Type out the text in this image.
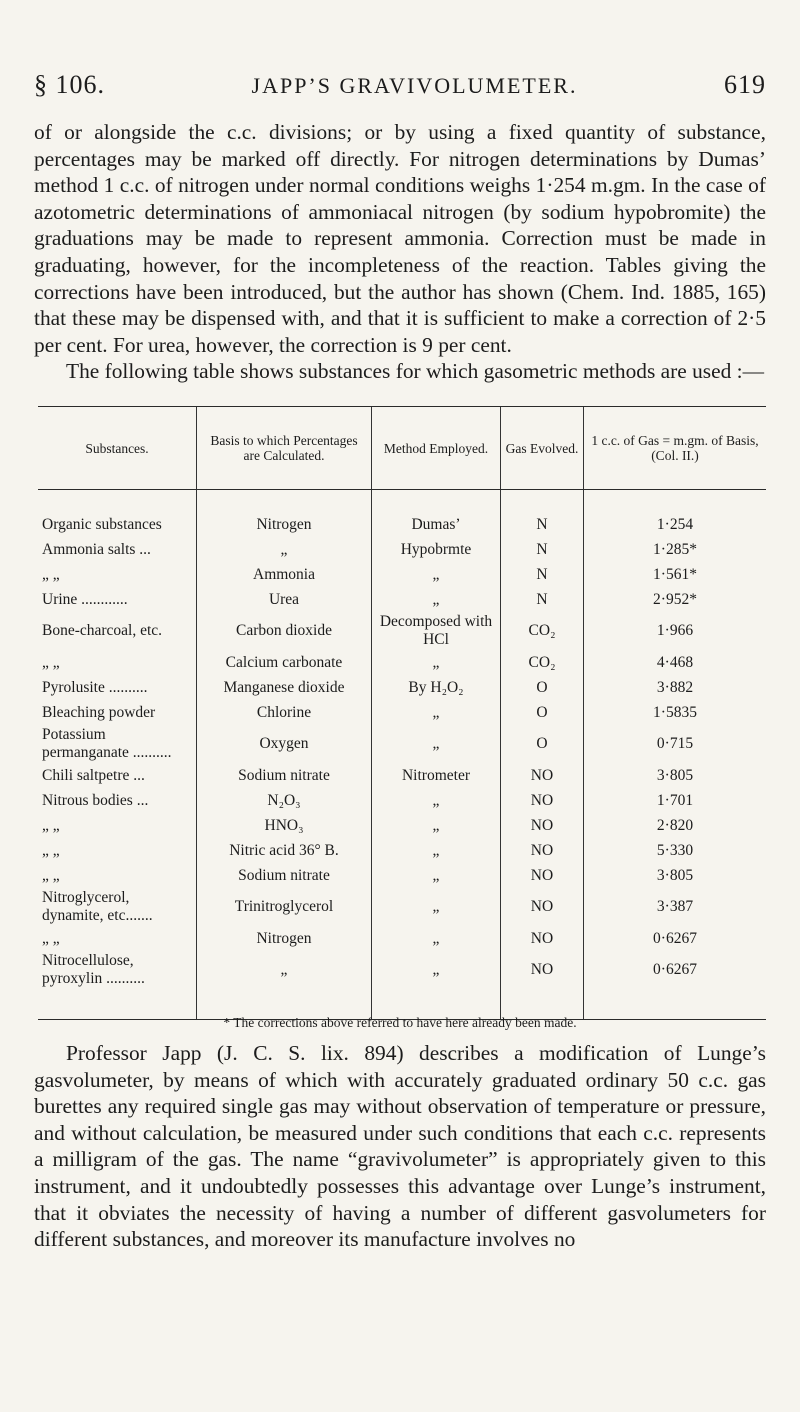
§ 106.	JAPP’S GRAVIVOLUMETER.	619

of or alongside the c.c. divisions; or by using a fixed quantity of substance, percentages may be marked off directly. For nitrogen determinations by Dumas’ method 1 c.c. of nitrogen under normal conditions weighs 1·254 m.gm. In the case of azotometric determinations of ammoniacal nitrogen (by sodium hypobromite) the graduations may be made to represent ammonia. Correction must be made in graduating, however, for the incompleteness of the reaction. Tables giving the corrections have been introduced, but the author has shown (Chem. Ind. 1885, 165) that these may be dispensed with, and that it is sufficient to make a correction of 2·5 per cent. For urea, however, the correction is 9 per cent.

The following table shows substances for which gasometric methods are used :—

Substances.	Basis to which Percentages are Calculated.	Method Employed.	Gas Evolved.	1 c.c. of Gas = m.gm. of Basis, (Col. II.)
Organic substances	Nitrogen	Dumas’	N	1·254
Ammonia salts ...	„	Hypobrmte	N	1·285*
„ „	Ammonia	„	N	1·561*
Urine ............	Urea	„	N	2·952*
Bone-charcoal, etc.	Carbon dioxide	Decomposed with HCl	CO₂	1·966
„ „	Calcium carbonate	„	CO₂	4·468
Pyrolusite ..........	Manganese dioxide	By H₂O₂	O	3·882
Bleaching powder	Chlorine	„	O	1·5835
Potassium permanganate ..........	Oxygen	„	O	0·715
Chili saltpetre ...	Sodium nitrate	Nitrometer	NO	3·805
Nitrous bodies ...	N₂O₃	„	NO	1·701
„ „	HNO₃	„	NO	2·820
„ „	Nitric acid 36° B.	„	NO	5·330
„ „	Sodium nitrate	„	NO	3·805
Nitroglycerol, dynamite, etc.......	Trinitroglycerol	„	NO	3·387
„ „	Nitrogen	„	NO	0·6267
Nitrocellulose, pyroxylin ..........	„	„	NO	0·6267
* The corrections above referred to have here already been made.

Professor Japp (J. C. S. lix. 894) describes a modification of Lunge’s gasvolumeter, by means of which with accurately graduated ordinary 50 c.c. gas burettes any required single gas may without observation of temperature or pressure, and without calculation, be measured under such conditions that each c.c. represents a milligram of the gas. The name “gravivolumeter” is appropriately given to this instrument, and it undoubtedly possesses this advantage over Lunge’s instrument, that it obviates the necessity of having a number of different gasvolumeters for different substances, and moreover its manufacture involves no
